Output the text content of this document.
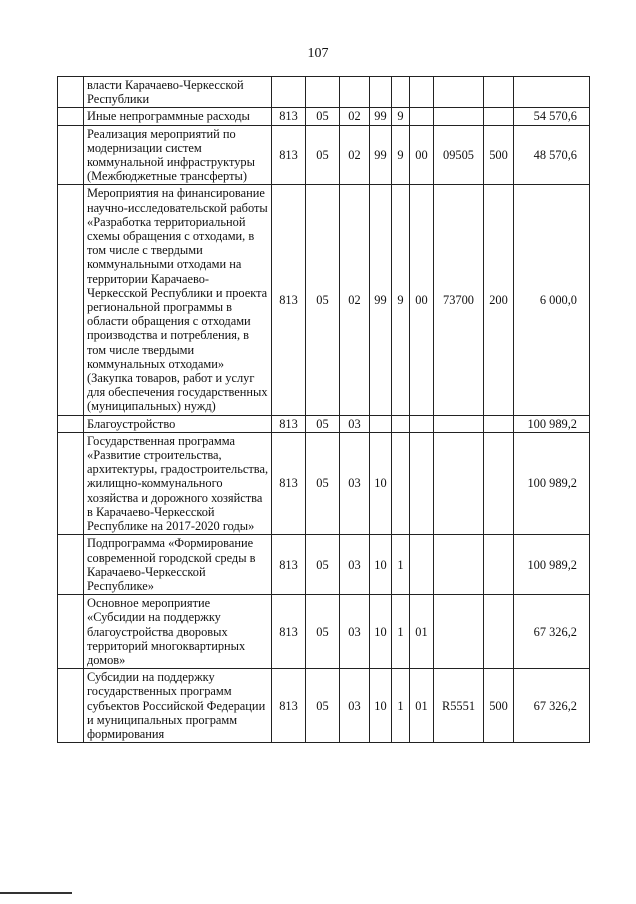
107
	власти Карачаево-Черкесской Республики									
	Иные непрограммные расходы	813	05	02	99	9				54 570,6
	Реализация мероприятий по модернизации систем коммунальной инфраструктуры (Межбюджетные трансферты)	813	05	02	99	9	00	09505	500	48 570,6
	Мероприятия на финансирование научно-исследовательской работы «Разработка территориальной схемы обращения с отходами, в том числе с твердыми коммунальными отходами на территории Карачаево-Черкесской Республики и проекта региональной программы в области обращения с отходами производства и потребления, в том числе твердыми коммунальных отходами» (Закупка товаров, работ и услуг для обеспечения государственных (муниципальных) нужд)	813	05	02	99	9	00	73700	200	6 000,0
	Благоустройство	813	05	03						100 989,2
	Государственная программа «Развитие строительства, архитектуры, градостроительства, жилищно-коммунального хозяйства и дорожного хозяйства в Карачаево-Черкесской Республике на 2017-2020 годы»	813	05	03	10					100 989,2
	Подпрограмма «Формирование современной городской среды в Карачаево-Черкесской Республике»	813	05	03	10	1				100 989,2
	Основное мероприятие «Субсидии на поддержку благоустройства дворовых территорий многоквартирных домов»	813	05	03	10	1	01			67 326,2
	Субсидии на поддержку государственных программ субъектов Российской Федерации и муниципальных программ формирования	813	05	03	10	1	01	R5551	500	67 326,2
